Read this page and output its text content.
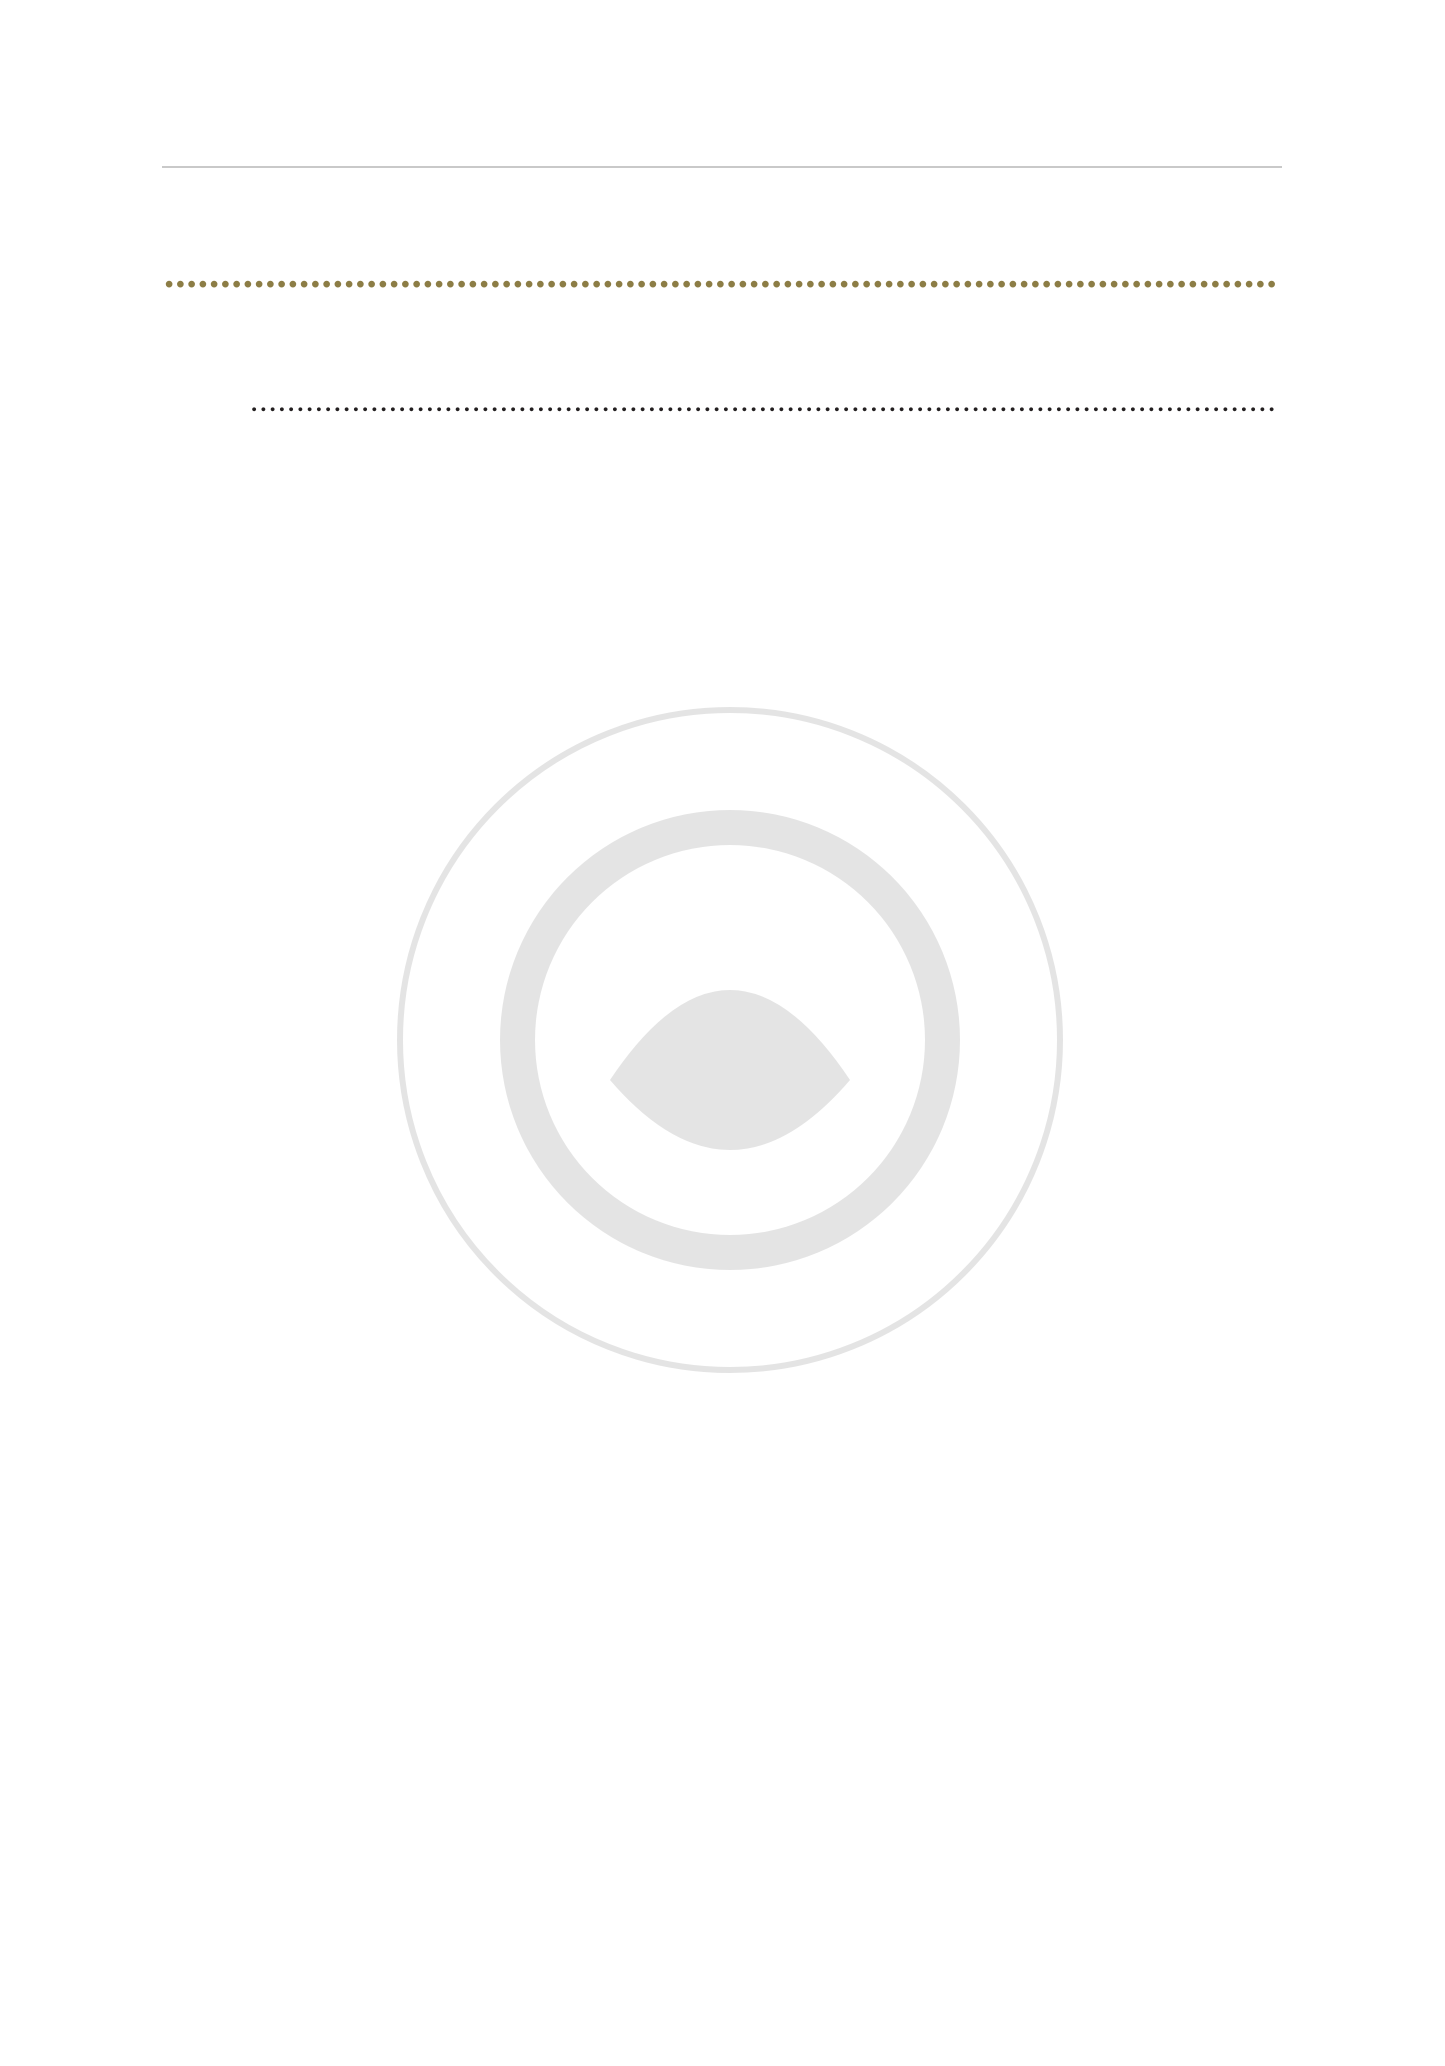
.....
.....
